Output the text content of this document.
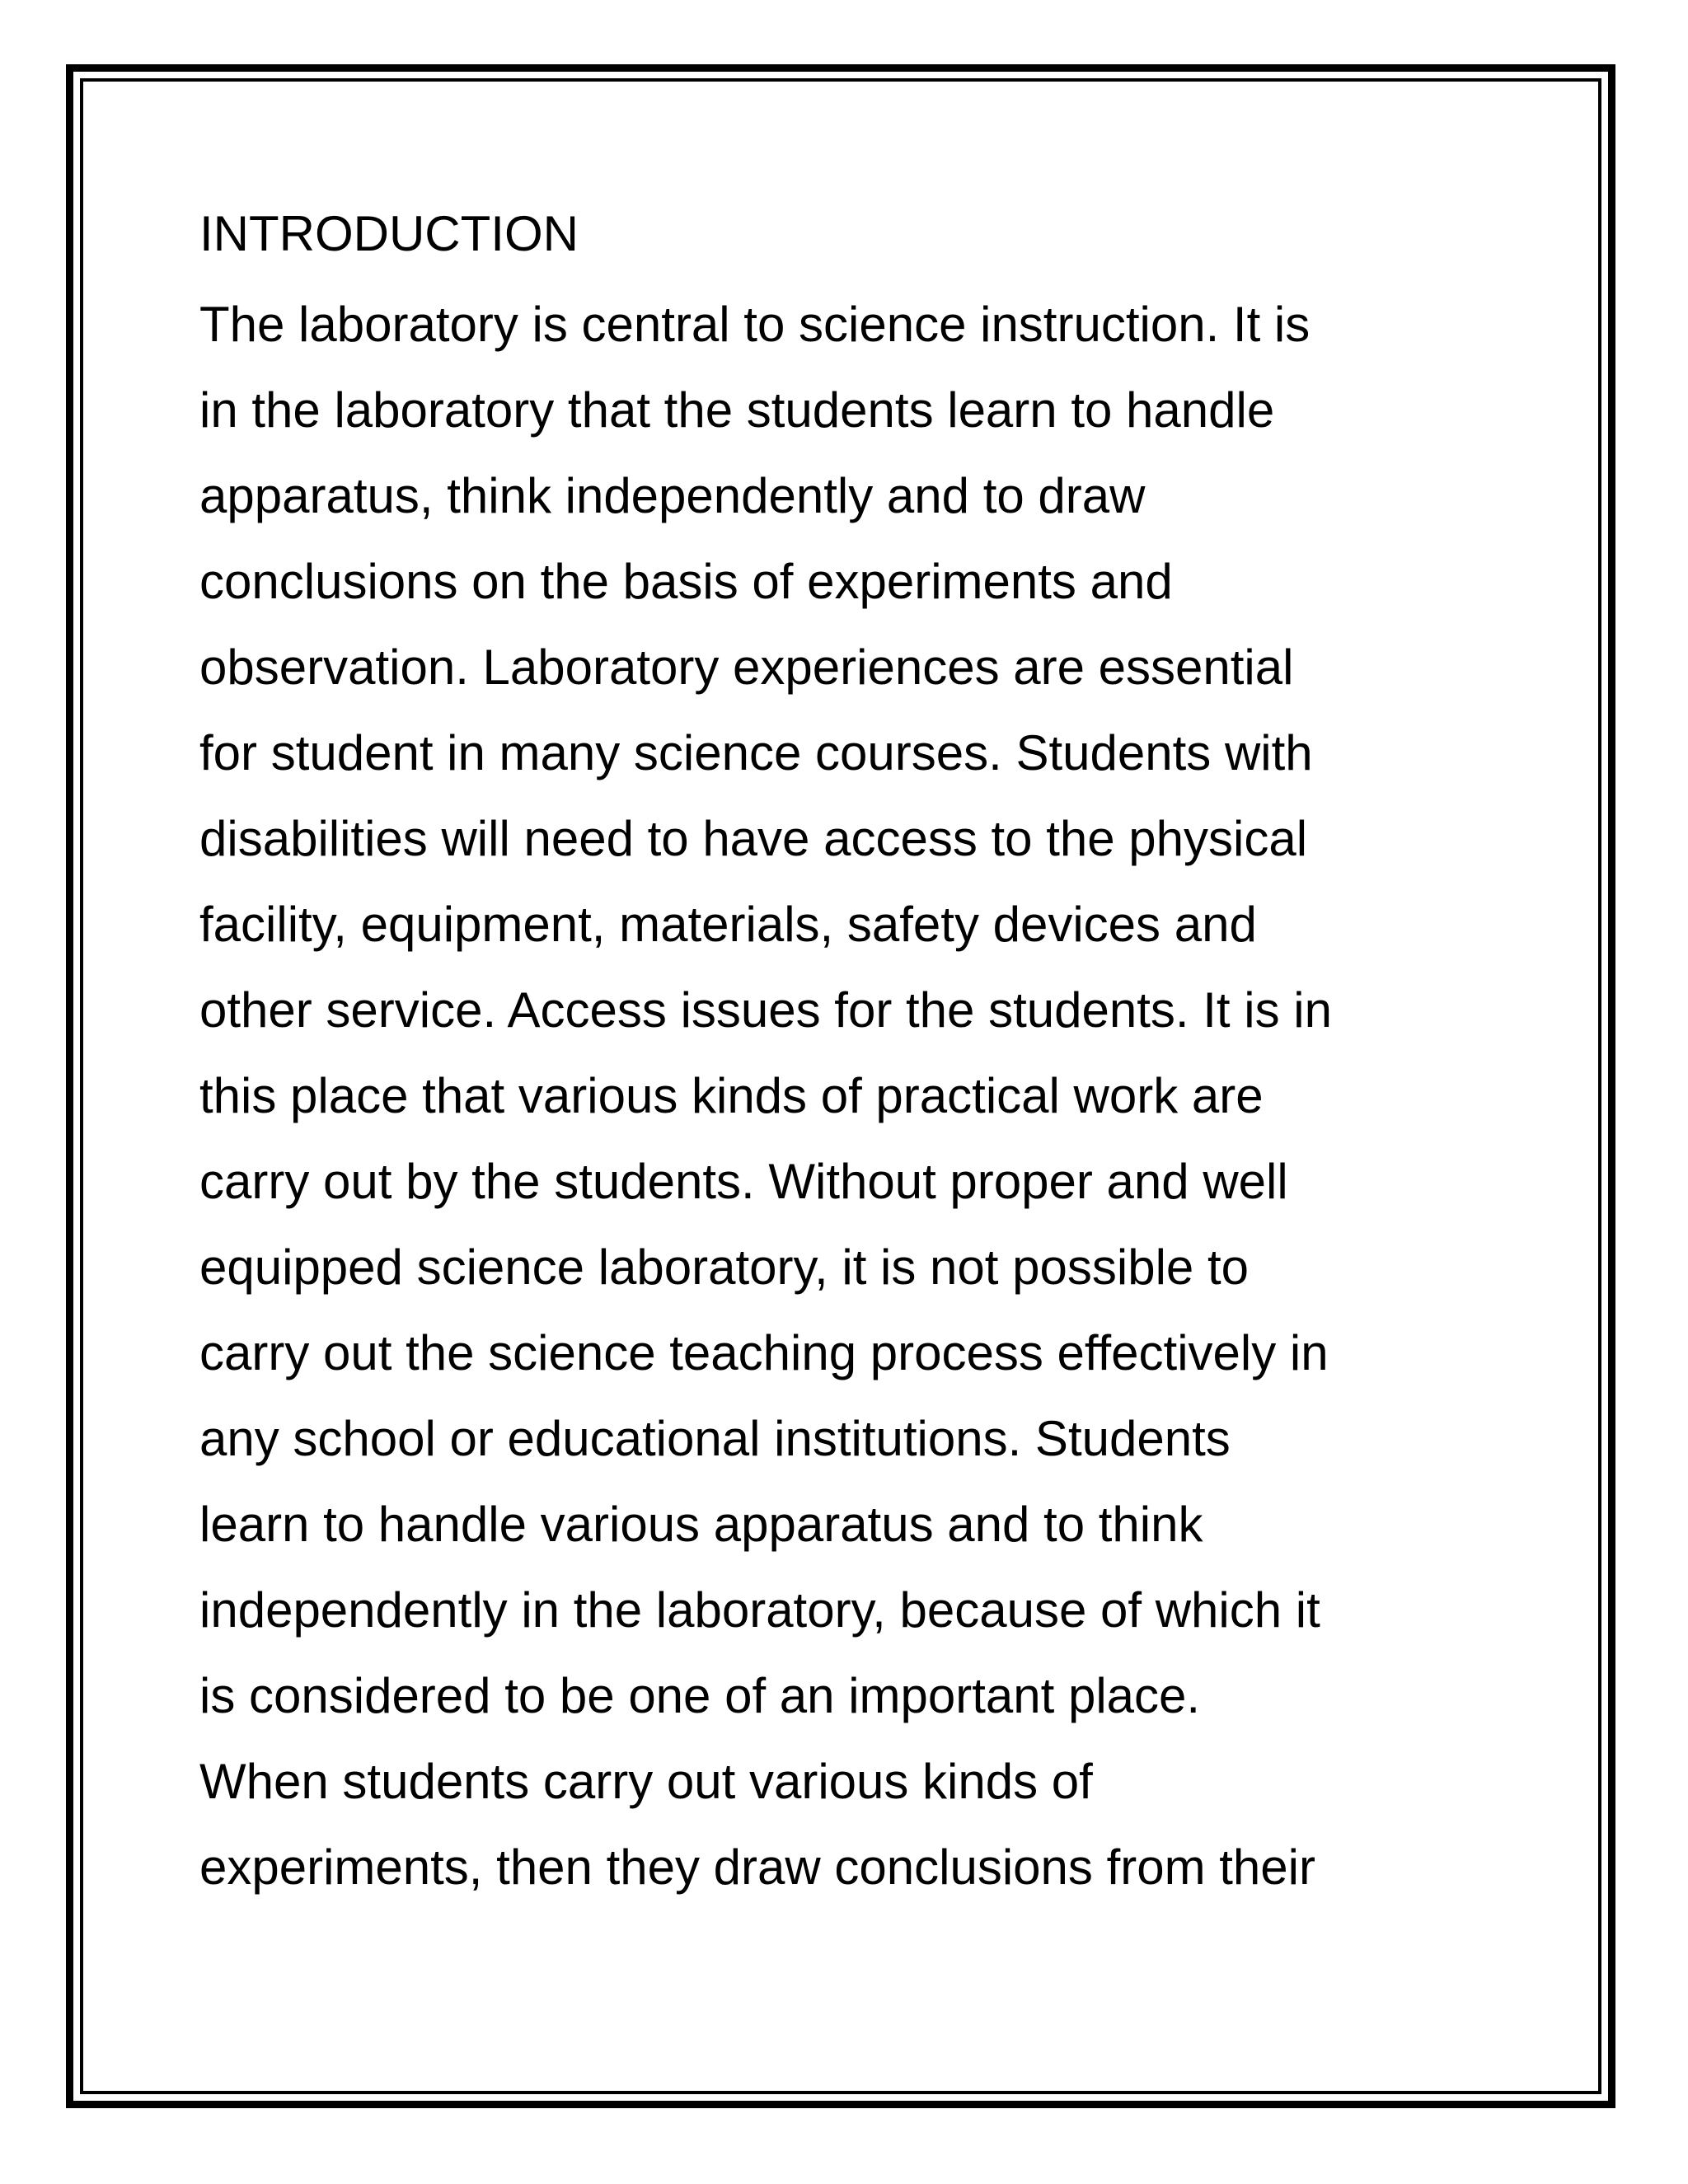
INTRODUCTION
The laboratory is central to science instruction. It is
in the laboratory that the students learn to handle
apparatus, think independently and to draw
conclusions on the basis of experiments and
observation. Laboratory experiences are essential
for student in many science courses. Students with
disabilities will need to have access to the physical
facility, equipment, materials, safety devices and
other service. Access issues for the students. It is in
this place that various kinds of practical work are
carry out by the students. Without proper and well
equipped science laboratory, it is not possible to
carry out the science teaching process effectively in
any school or educational institutions. Students
learn to handle various apparatus and to think
independently in the laboratory, because of which it
is considered to be one of an important place.
When students carry out various kinds of
experiments, then they draw conclusions from their
